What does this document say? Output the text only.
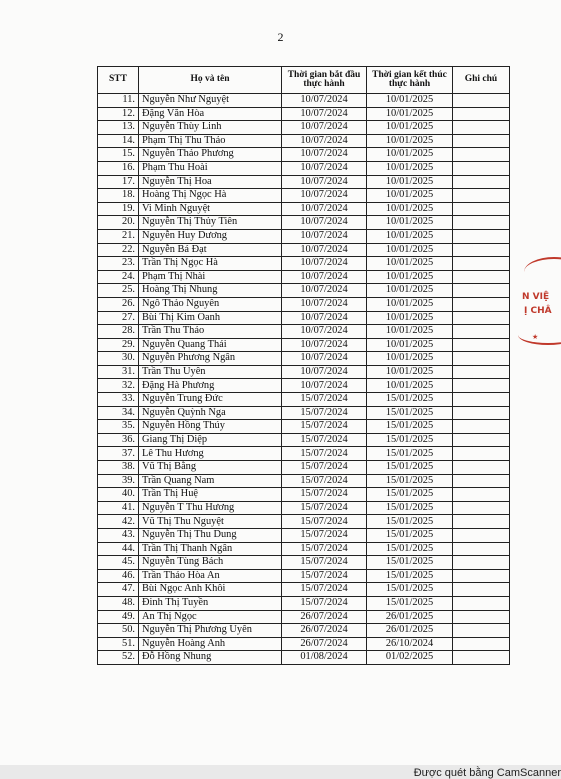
2
STT	Họ và tên	Thời gian bắt đầu thực hành	Thời gian kết thúc thực hành	Ghi chú
11.	Nguyễn Như Nguyệt	10/07/2024	10/01/2025	
12.	Đặng Văn Hòa	10/07/2024	10/01/2025	
13.	Nguyễn Thùy Linh	10/07/2024	10/01/2025	
14.	Phạm Thị Thu Thảo	10/07/2024	10/01/2025	
15.	Nguyễn Thảo Phương	10/07/2024	10/01/2025	
16.	Phạm Thu Hoài	10/07/2024	10/01/2025	
17.	Nguyễn Thị Hoa	10/07/2024	10/01/2025	
18.	Hoàng Thị Ngọc Hà	10/07/2024	10/01/2025	
19.	Vi Minh Nguyệt	10/07/2024	10/01/2025	
20.	Nguyễn Thị Thủy Tiên	10/07/2024	10/01/2025	
21.	Nguyễn Huy Dương	10/07/2024	10/01/2025	
22.	Nguyễn Bá Đạt	10/07/2024	10/01/2025	
23.	Trần Thị Ngọc Hà	10/07/2024	10/01/2025	
24.	Phạm Thị Nhài	10/07/2024	10/01/2025	
25.	Hoàng Thị Nhung	10/07/2024	10/01/2025	
26.	Ngô Thảo Nguyên	10/07/2024	10/01/2025	
27.	Bùi Thị Kim Oanh	10/07/2024	10/01/2025	
28.	Trần Thu Thảo	10/07/2024	10/01/2025	
29.	Nguyễn Quang Thái	10/07/2024	10/01/2025	
30.	Nguyễn Phương Ngân	10/07/2024	10/01/2025	
31.	Trần Thu Uyên	10/07/2024	10/01/2025	
32.	Đặng Hà Phương	10/07/2024	10/01/2025	
33.	Nguyễn Trung Đức	15/07/2024	15/01/2025	
34.	Nguyễn Quỳnh Nga	15/07/2024	15/01/2025	
35.	Nguyễn Hồng Thúy	15/07/2024	15/01/2025	
36.	Giang Thị Diệp	15/07/2024	15/01/2025	
37.	Lê Thu Hương	15/07/2024	15/01/2025	
38.	Vũ Thị Bằng	15/07/2024	15/01/2025	
39.	Trần Quang Nam	15/07/2024	15/01/2025	
40.	Trần Thị Huệ	15/07/2024	15/01/2025	
41.	Nguyễn T Thu Hương	15/07/2024	15/01/2025	
42.	Vũ Thị Thu Nguyệt	15/07/2024	15/01/2025	
43.	Nguyễn Thị Thu Dung	15/07/2024	15/01/2025	
44.	Trần Thị Thanh Ngân	15/07/2024	15/01/2025	
45.	Nguyễn Tùng Bách	15/07/2024	15/01/2025	
46.	Trần Thảo Hòa An	15/07/2024	15/01/2025	
47.	Bùi Ngọc Anh Khôi	15/07/2024	15/01/2025	
48.	Đinh Thị Tuyền	15/07/2024	15/01/2025	
49.	An Thị Ngọc	26/07/2024	26/01/2025	
50.	Nguyễn Thị Phương Uyên	26/07/2024	26/01/2025	
51.	Nguyễn Hoàng Anh	26/07/2024	26/10/2024	
52.	Đỗ Hồng Nhung	01/08/2024	01/02/2025	
N VIỆ
Ị CHÂ
★
Được quét bằng CamScanner
